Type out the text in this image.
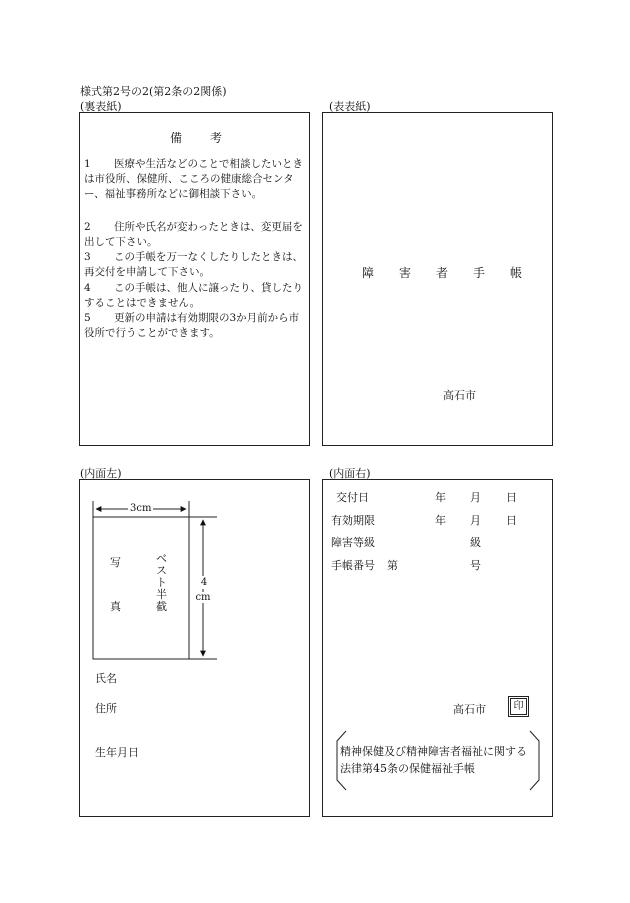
様式第2号の2(第2条の2関係)
(裏表紙)
備　考
1	医療や生活などのことで相談したいときは市役所、保健所、こころの健康総合センター、福祉事務所などに御相談下さい。
2	住所や氏名が変わったときは、変更届を出して下さい。
3	この手帳を万一なくしたりしたときは、再交付を申請して下さい。
4	この手帳は、他人に譲ったり、貸したりすることはできません。
5	更新の申請は有効期限の3か月前から市役所で行うことができます。
(表表紙)
障害者手帳
高石市
(内面左)
3cm
4
cm
写
真
ベスト半截
氏名
住所
生年月日
(内面右)
交付日	年 月 日
有効期限	年 月 日
障害等級	級
手帳番号 第	号
高石市	印
精神保健及び精神障害者福祉に関する法律第45条の保健福祉手帳
